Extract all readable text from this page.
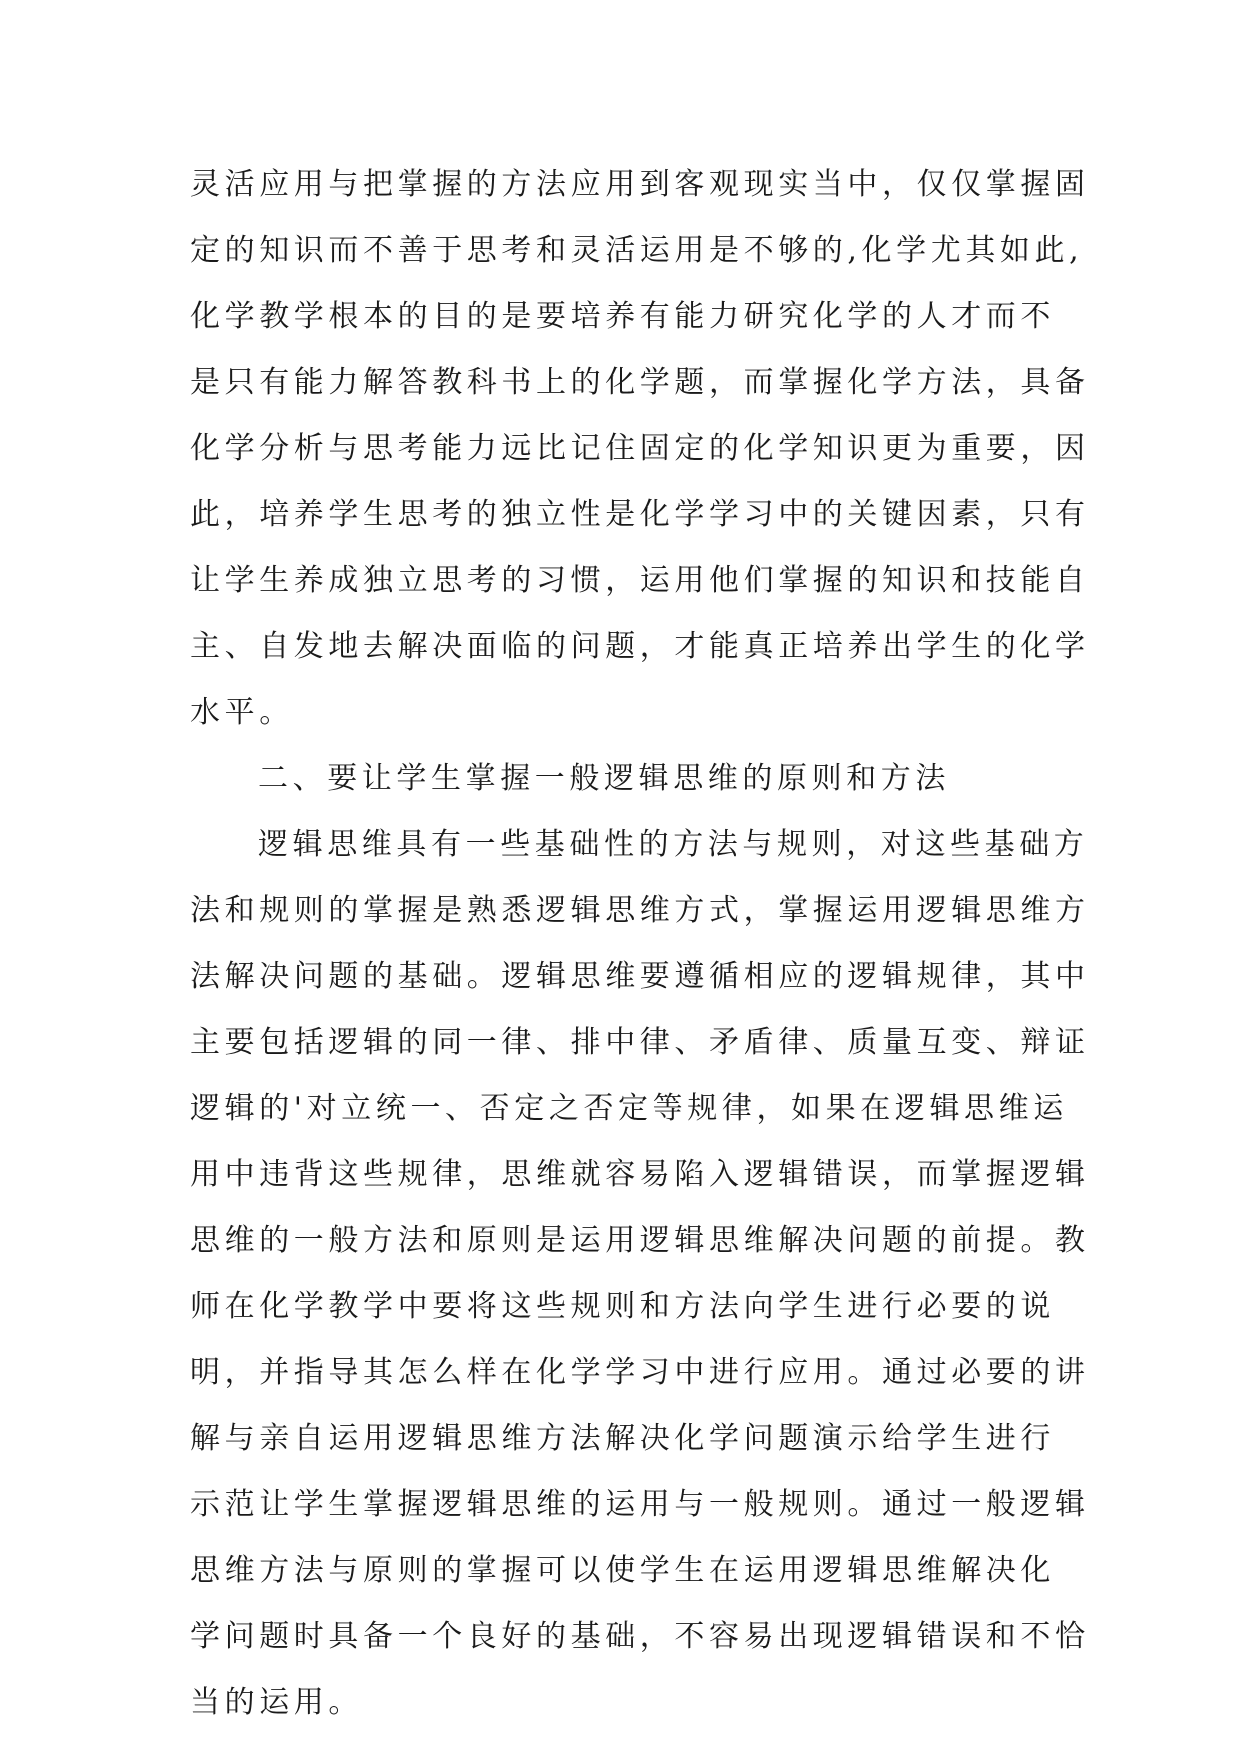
灵活应用与把掌握的方法应用到客观现实当中，仅仅掌握固
定的知识而不善于思考和灵活运用是不够的,化学尤其如此,
化学教学根本的目的是要培养有能力研究化学的人才而不
是只有能力解答教科书上的化学题，而掌握化学方法，具备
化学分析与思考能力远比记住固定的化学知识更为重要，因
此，培养学生思考的独立性是化学学习中的关键因素，只有
让学生养成独立思考的习惯，运用他们掌握的知识和技能自
主、自发地去解决面临的问题，才能真正培养出学生的化学
水平。
二、要让学生掌握一般逻辑思维的原则和方法
逻辑思维具有一些基础性的方法与规则，对这些基础方
法和规则的掌握是熟悉逻辑思维方式，掌握运用逻辑思维方
法解决问题的基础。逻辑思维要遵循相应的逻辑规律，其中
主要包括逻辑的同一律、排中律、矛盾律、质量互变、辩证
逻辑的'对立统一、否定之否定等规律，如果在逻辑思维运
用中违背这些规律，思维就容易陷入逻辑错误，而掌握逻辑
思维的一般方法和原则是运用逻辑思维解决问题的前提。教
师在化学教学中要将这些规则和方法向学生进行必要的说
明，并指导其怎么样在化学学习中进行应用。通过必要的讲
解与亲自运用逻辑思维方法解决化学问题演示给学生进行
示范让学生掌握逻辑思维的运用与一般规则。通过一般逻辑
思维方法与原则的掌握可以使学生在运用逻辑思维解决化
学问题时具备一个良好的基础，不容易出现逻辑错误和不恰
当的运用。
